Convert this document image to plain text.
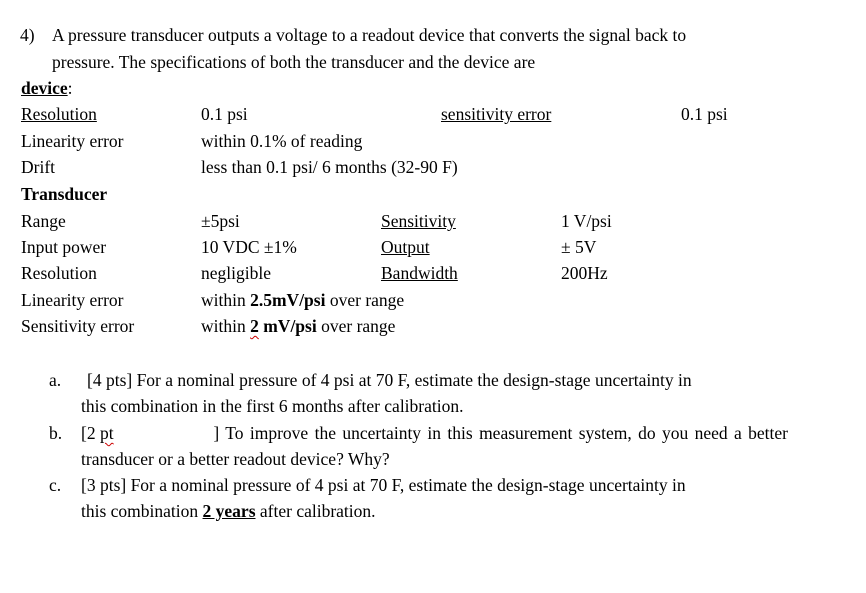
4) A pressure transducer outputs a voltage to a readout device that converts the signal back to
pressure. The specifications of both the transducer and the device are
device:
Resolution	0.1 psi	sensitivity error	0.1 psi
Linearity error	within 0.1% of reading
Drift	less than 0.1 psi/ 6 months (32-90 F)
Transducer
Range	±5psi	Sensitivity	1 V/psi
Input power	10 VDC ±1%	Output	± 5V
Resolution	negligible	Bandwidth	200Hz
Linearity error	within 2.5mV/psi over range
Sensitivity error	within 2 mV/psi over range
a. [4 pts] For a nominal pressure of 4 psi at 70 F, estimate the design-stage uncertainty in
this combination in the first 6 months after calibration.
b. [2 pt	] To improve the uncertainty in this measurement system, do you need a better
transducer or a better readout device? Why?
c. [3 pts] For a nominal pressure of 4 psi at 70 F, estimate the design-stage uncertainty in
this combination 2 years after calibration.
